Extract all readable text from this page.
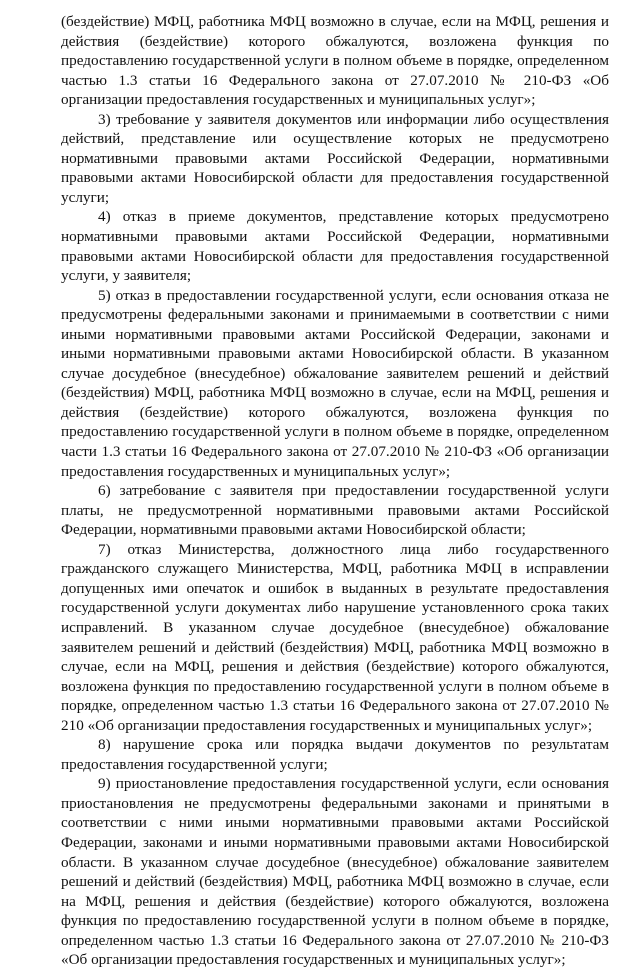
(бездействие) МФЦ, работника МФЦ возможно в случае, если на МФЦ, решения и действия (бездействие) которого обжалуются, возложена функция по предоставлению государственной услуги в полном объеме в порядке, определенном частью 1.3 статьи 16 Федерального закона от 27.07.2010 № 210-ФЗ «Об организации предоставления государственных и муниципальных услуг»;

3) требование у заявителя документов или информации либо осуществления действий, представление или осуществление которых не предусмотрено нормативными правовыми актами Российской Федерации, нормативными правовыми актами Новосибирской области для предоставления государственной услуги;

4) отказ в приеме документов, представление которых предусмотрено нормативными правовыми актами Российской Федерации, нормативными правовыми актами Новосибирской области для предоставления государственной услуги, у заявителя;

5) отказ в предоставлении государственной услуги, если основания отказа не предусмотрены федеральными законами и принимаемыми в соответствии с ними иными нормативными правовыми актами Российской Федерации, законами и иными нормативными правовыми актами Новосибирской области. В указанном случае досудебное (внесудебное) обжалование заявителем решений и действий (бездействия) МФЦ, работника МФЦ возможно в случае, если на МФЦ, решения и действия (бездействие) которого обжалуются, возложена функция по предоставлению государственной услуги в полном объеме в порядке, определенном части 1.3 статьи 16 Федерального закона от 27.07.2010 № 210-ФЗ «Об организации предоставления государственных и муниципальных услуг»;

6) затребование с заявителя при предоставлении государственной услуги платы, не предусмотренной нормативными правовыми актами Российской Федерации, нормативными правовыми актами Новосибирской области;

7) отказ Министерства, должностного лица либо государственного гражданского служащего Министерства, МФЦ, работника МФЦ в исправлении допущенных ими опечаток и ошибок в выданных в результате предоставления государственной услуги документах либо нарушение установленного срока таких исправлений. В указанном случае досудебное (внесудебное) обжалование заявителем решений и действий (бездействия) МФЦ, работника МФЦ возможно в случае, если на МФЦ, решения и действия (бездействие) которого обжалуются, возложена функция по предоставлению государственной услуги в полном объеме в порядке, определенном частью 1.3 статьи 16 Федерального закона от 27.07.2010 № 210 «Об организации предоставления государственных и муниципальных услуг»;

8) нарушение срока или порядка выдачи документов по результатам предоставления государственной услуги;

9) приостановление предоставления государственной услуги, если основания приостановления не предусмотрены федеральными законами и принятыми в соответствии с ними иными нормативными правовыми актами Российской Федерации, законами и иными нормативными правовыми актами Новосибирской области. В указанном случае досудебное (внесудебное) обжалование заявителем решений и действий (бездействия) МФЦ, работника МФЦ возможно в случае, если на МФЦ, решения и действия (бездействие) которого обжалуются, возложена функция по предоставлению государственной услуги в полном объеме в порядке, определенном частью 1.3 статьи 16 Федерального закона от 27.07.2010 № 210-ФЗ «Об организации предоставления государственных и муниципальных услуг»;
